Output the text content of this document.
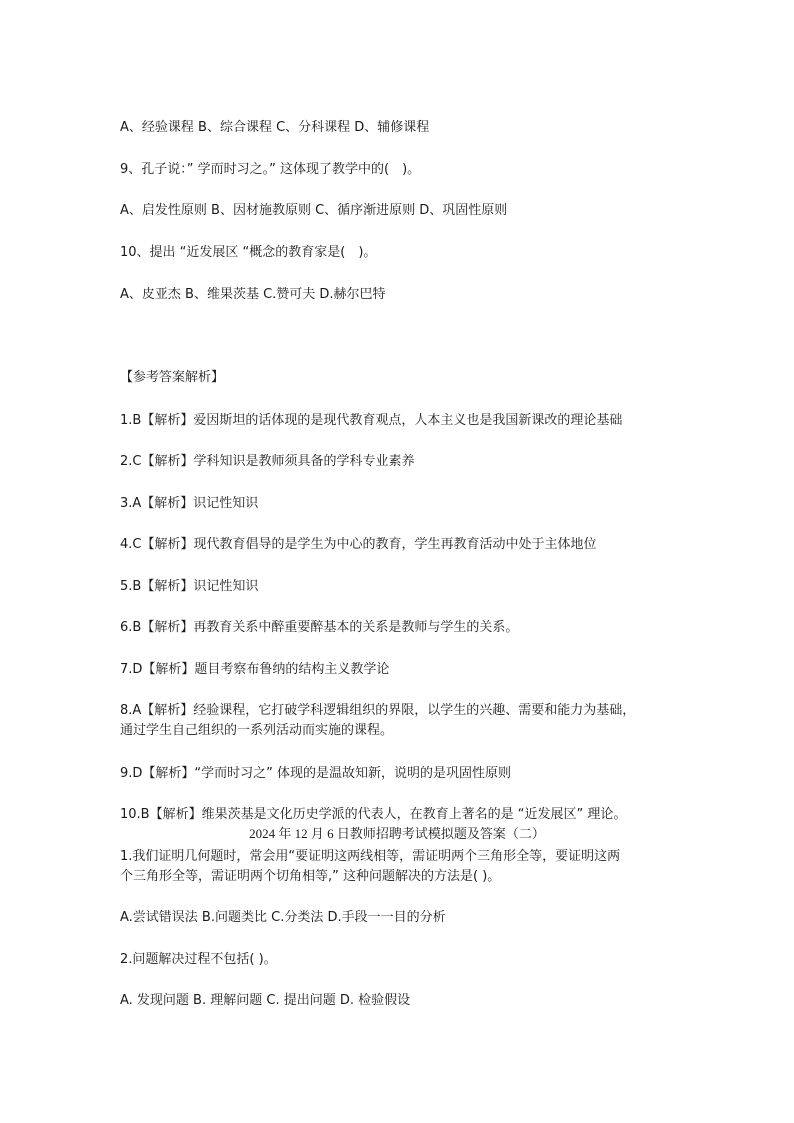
A、经验课程 B、综合课程 C、分科课程 D、辅修课程
9、孔子说：” 学而时习之。” 这体现了教学中的(　)。
A、启发性原则 B、因材施教原则 C、循序渐进原则 D、巩固性原则
10、提出 “近发展区 “概念的教育家是(　)。
A、皮亚杰 B、维果茨基 C.赞可夫 D.赫尔巴特
【参考答案解析】
1.B【解析】爱因斯坦的话体现的是现代教育观点，人本主义也是我国新课改的理论基础
2.C【解析】学科知识是教师须具备的学科专业素养
3.A【解析】识记性知识
4.C【解析】现代教育倡导的是学生为中心的教育，学生再教育活动中处于主体地位
5.B【解析】识记性知识
6.B【解析】再教育关系中醉重要醉基本的关系是教师与学生的关系。
7.D【解析】题目考察布鲁纳的结构主义教学论
8.A【解析】经验课程，它打破学科逻辑组织的界限，以学生的兴趣、需要和能力为基础，
通过学生自己组织的一系列活动而实施的课程。
9.D【解析】“学而时习之” 体现的是温故知新，说明的是巩固性原则
10.B【解析】维果茨基是文化历史学派的代表人，在教育上著名的是 “近发展区” 理论。
2024 年 12 月 6 日教师招聘考试模拟题及答案（二）
1.我们证明几何题时，常会用“要证明这两线相等，需证明两个三角形全等，要证明这两
个三角形全等，需证明两个切角相等,” 这种问题解决的方法是( )。
A.尝试错误法 B.问题类比 C.分类法 D.手段一一目的分析
2.问题解决过程不包括( )。
A. 发现问题 B. 理解问题 C. 提出问题 D. 检验假设
